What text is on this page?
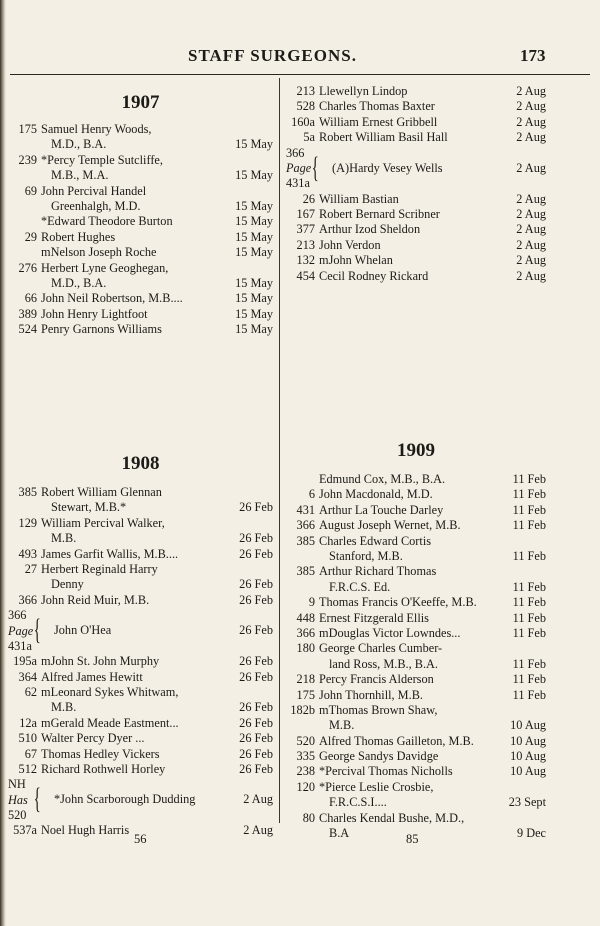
STAFF SURGEONS.	173
1907
175 Samuel Henry Woods,
M.D., B.A.	15 May
239 *Percy Temple Sutcliffe,
M.B., M.A.	15 May
69 John Percival Handel
Greenhalgh, M.D.	15 May
*Edward Theodore Burton	15 May
29 Robert Hughes	15 May
mNelson Joseph Roche	15 May
276 Herbert Lyne Geoghegan,
M.D., B.A.	15 May
66 John Neil Robertson, M.B....	15 May
389 John Henry Lightfoot	15 May
524 Penry Garnons Williams	15 May
213 Llewellyn Lindop	2 Aug
528 Charles Thomas Baxter	2 Aug
160a William Ernest Gribbell	2 Aug
5a Robert William Basil Hall	2 Aug
366
Page
431a { (A)Hardy Vesey Wells	2 Aug
26 William Bastian	2 Aug
167 Robert Bernard Scribner	2 Aug
377 Arthur Izod Sheldon	2 Aug
213 John Verdon	2 Aug
132 mJohn Whelan	2 Aug
454 Cecil Rodney Rickard	2 Aug
1908
385 Robert William Glennan
Stewart, M.B.*	26 Feb
129 William Percival Walker,
M.B.	26 Feb
493 James Garfit Wallis, M.B....	26 Feb
27 Herbert Reginald Harry
Denny	26 Feb
366 John Reid Muir, M.B.	26 Feb
366
Page
431a { John O'Hea	26 Feb
195a mJohn St. John Murphy	26 Feb
364 Alfred James Hewitt	26 Feb
62 mLeonard Sykes Whitwam,
M.B.	26 Feb
12a mGerald Meade Eastment...	26 Feb
510 Walter Percy Dyer ...	26 Feb
67 Thomas Hedley Vickers	26 Feb
512 Richard Rothwell Horley	26 Feb
NH
Has
520 { *John Scarborough Dudding	2 Aug
537a Noel Hugh Harris	2 Aug
1909
Edmund Cox, M.B., B.A.	11 Feb
6 John Macdonald, M.D.	11 Feb
431 Arthur La Touche Darley	11 Feb
366 August Joseph Wernet, M.B.	11 Feb
385 Charles Edward Cortis
Stanford, M.B.	11 Feb
385 Arthur Richard Thomas
F.R.C.S. Ed.	11 Feb
9 Thomas Francis O'Keeffe, M.B.	11 Feb
448 Ernest Fitzgerald Ellis	11 Feb
366 mDouglas Victor Lowndes...	11 Feb
180 George Charles Cumber-
land Ross, M.B., B.A.	11 Feb
218 Percy Francis Alderson	11 Feb
175 John Thornhill, M.B.	11 Feb
182b mThomas Brown Shaw,
M.B.	10 Aug
520 Alfred Thomas Gailleton, M.B.	10 Aug
335 George Sandys Davidge	10 Aug
238 *Percival Thomas Nicholls	10 Aug
120 *Pierce Leslie Crosbie,
F.R.C.S.I....	23 Sept
80 Charles Kendal Bushe, M.D.,
B.A	9 Dec
56	85
